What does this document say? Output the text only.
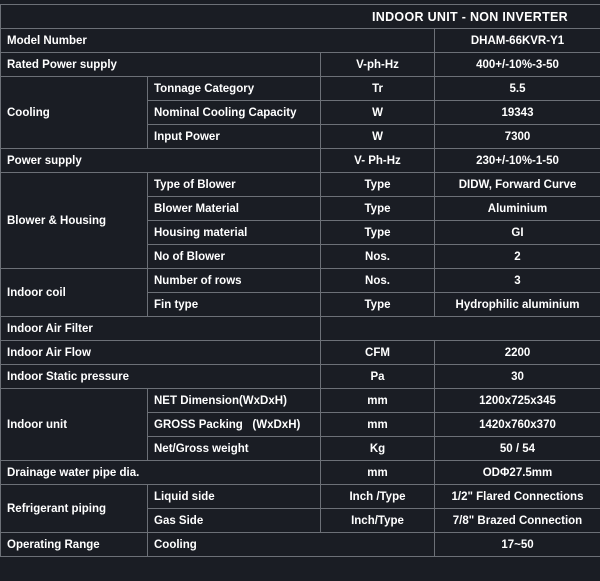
INDOOR UNIT - NON INVERTER			
Model Number			DHAM-66KVR-Y1
Rated Power supply		V-ph-Hz	400+/-10%-3-50
Cooling	Tonnage Category	Tr	5.5
	Nominal Cooling Capacity	W	19343
	Input Power	W	7300
Power supply		V- Ph-Hz	230+/-10%-1-50
Blower & Housing	Type of Blower	Type	DIDW, Forward Curve
	Blower Material	Type	Aluminium
	Housing material	Type	GI
	No of Blower	Nos.	2
Indoor coil	Number of rows	Nos.	3
	Fin type	Type	Hydrophilic aluminium
Indoor Air Filter			
Indoor Air Flow		CFM	2200
Indoor Static pressure		Pa	30
Indoor unit	NET Dimension(WxDxH)	mm	1200x725x345
	GROSS Packing   (WxDxH)	mm	1420x760x370
	Net/Gross weight	Kg	50 / 54
Drainage water pipe dia.		mm	ODΦ27.5mm
Refrigerant piping	Liquid side	Inch /Type	1/2" Flared Connections
	Gas Side	Inch/Type	7/8" Brazed Connection
Operating Range	Cooling		17~50
